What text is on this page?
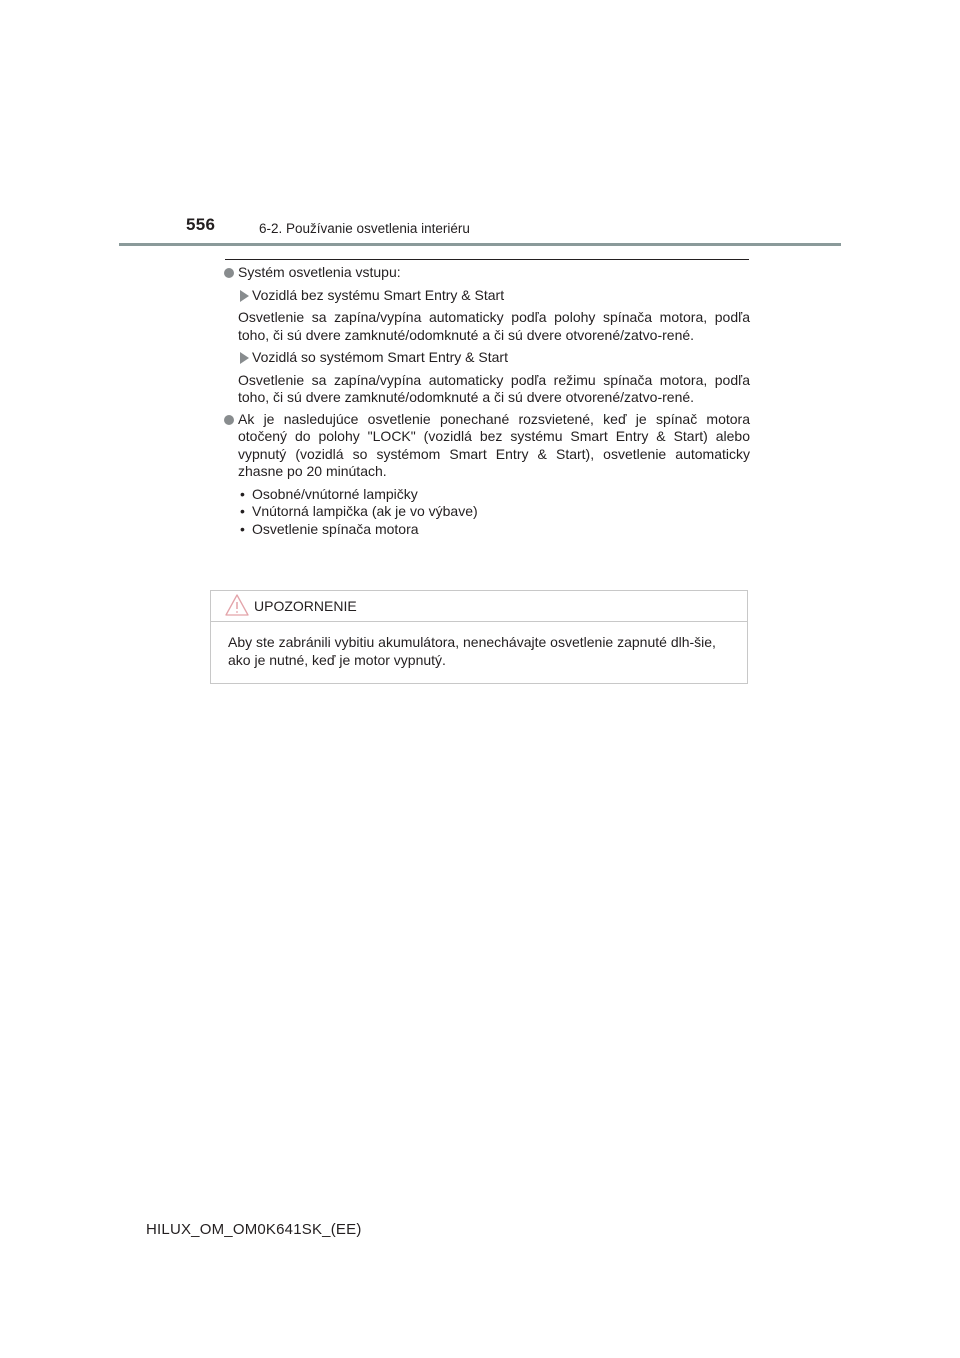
556	6-2. Používanie osvetlenia interiéru
Systém osvetlenia vstupu:
Vozidlá bez systému Smart Entry & Start
Osvetlenie sa zapína/vypína automaticky podľa polohy spínača motora, podľa toho, či sú dvere zamknuté/odomknuté a či sú dvere otvorené/zatvo-rené.
Vozidlá so systémom Smart Entry & Start
Osvetlenie sa zapína/vypína automaticky podľa režimu spínača motora, podľa toho, či sú dvere zamknuté/odomknuté a či sú dvere otvorené/zatvo-rené.
Ak je nasledujúce osvetlenie ponechané rozsvietené, keď je spínač motora otočený do polohy "LOCK" (vozidlá bez systému Smart Entry & Start) alebo vypnutý (vozidlá so systémom Smart Entry & Start), osvetlenie automaticky zhasne po 20 minútach.
• Osobné/vnútorné lampičky
• Vnútorná lampička (ak je vo výbave)
• Osvetlenie spínača motora
UPOZORNENIE
Aby ste zabránili vybitiu akumulátora, nenechávajte osvetlenie zapnuté dlh-šie, ako je nutné, keď je motor vypnutý.
HILUX_OM_OM0K641SK_(EE)
